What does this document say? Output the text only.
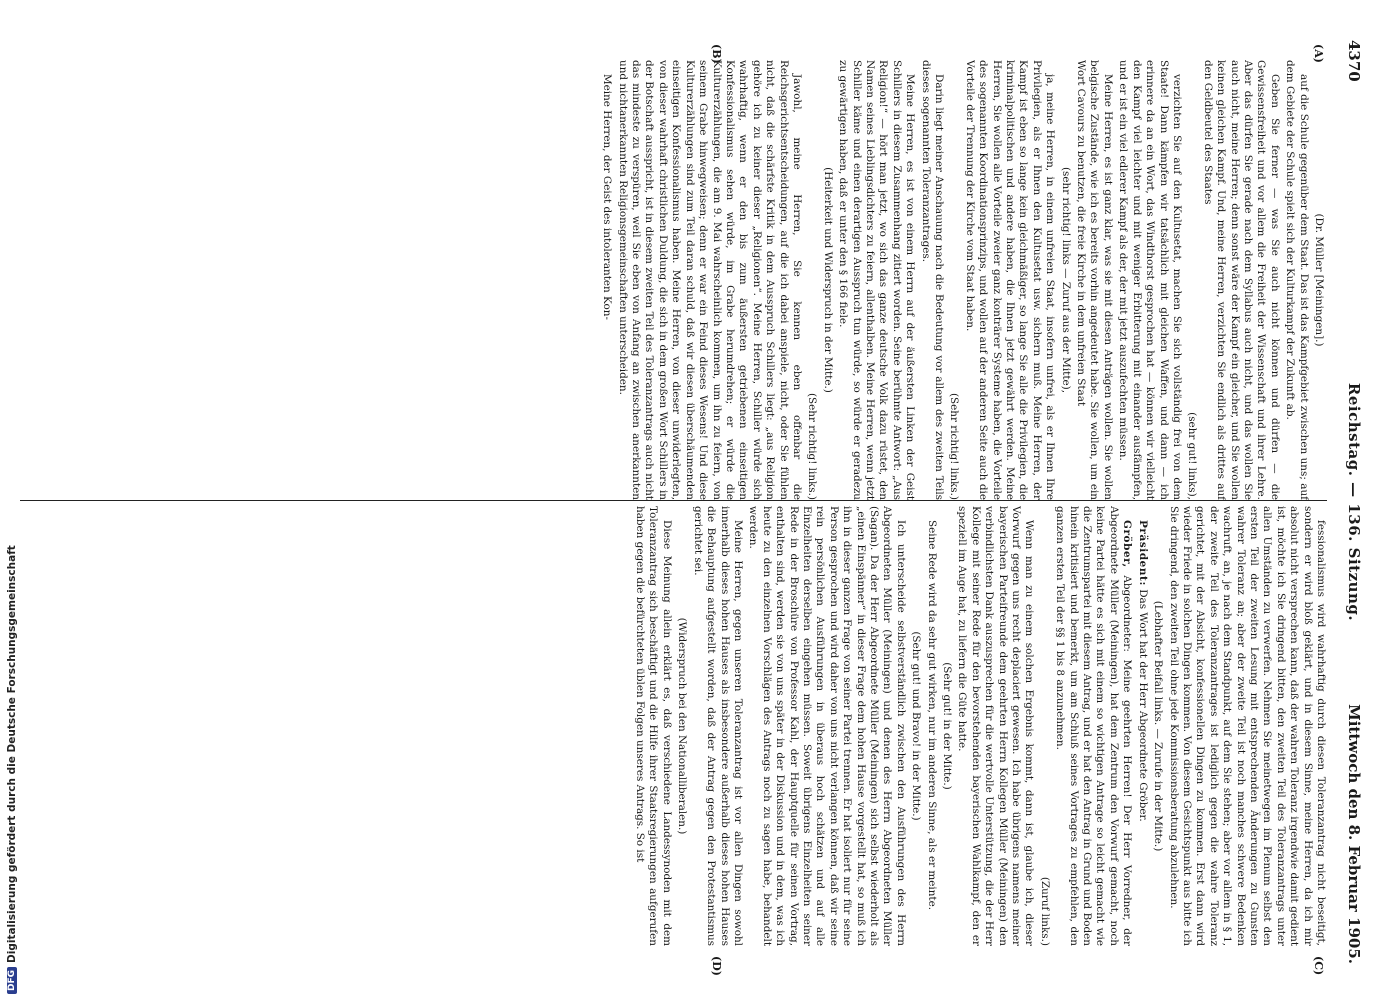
4370
Reichstag. — 136. Sitzung.
Mittwoch den 8. Februar 1905.
(A)
(B)
(C)
(D)

(Dr. Müller [Meiningen].)

auf die Schule gegenüber dem Staat. Das ist das Kampfgebiet zwischen uns; auf dem Gebiete der Schule spielt sich der Kulturkampf der Zukunft ab.

Geben Sie ferner — was Sie auch nicht können und dürfen — die Gewissensfreiheit und vor allem die Freiheit der Wissenschaft und ihrer Lehre. Aber das dürfen Sie gerade nach dem Syllabus auch nicht, und das wollen Sie auch nicht, meine Herren; denn sonst wäre der Kampf ein gleicher, und Sie wollen keinen gleichen Kampf. Und, meine Herren, verzichten Sie endlich als drittes auf den Geldbeutel des Staates

(sehr gut! links),

verzichten Sie auf den Kultusetat, machen Sie sich vollständig frei von dem Staate! Dann kämpfen wir tatsächlich mit gleichen Waffen, und dann — ich erinnere da an ein Wort, das Windthorst gesprochen hat — können wir vielleicht den Kampf viel leichter und mit weniger Erbitterung mit einander ausfämpfen, und er ist ein viel edlerer Kampf als der, der mit jetzt auszufechten müssen.

Meine Herren, es ist ganz klar, was sie mit diesen Anträgen wollen. Sie wollen belgische Zustände, wie ich es bereits vorhin angedeutet habe. Sie wollen, um ein Wort Cavours zu benutzen, die freie Kirche in dem unfreien Staat

(sehr richtig! links — Zuruf aus der Mitte),

ja, meine Herren, in einem unfreien Staat, insofern unfrei, als er Ihnen Ihre Privilegien, als er Ihnen den Kultusetat usw. sichern muß. Meine Herren, der Kampf ist eben so lange kein gleichmäßiger, so lange Sie alle die Privilegien, die kriminalpolitischen und andere haben, die Ihnen jetzt gewährt werden. Meine Herren, Sie wollen alle Vorteile zweier ganz konträrer Systeme haben, die Vorteile des sogenannten Koordinationsprinzips, und wollen auf der anderen Seite auch die Vorteile der Trennung der Kirche vom Staat haben.

(Sehr richtig! links.)

Darin liegt meiner Anschauung nach die Bedeutung vor allem des zweiten Teils dieses sogenannten Toleranzantrages.

Meine Herren, es ist von einem Herrn auf der äußersten Linken der Geist Schillers in diesem Zusammenhang zitiert worden. Seine berühmte Antwort: „Aus Religion!“ — hört man jetzt, wo sich das ganze deutsche Volk dazu rüstet, den Namen seines Lieblingsdichters zu feiern, allenthalben. Meine Herren, wenn jetzt Schiller käme und einen derartigen Ausspruch tun würde, so würde er geradezu zu gewärtigen haben, daß er unter den § 166 fiele.

(Heiterkeit und Widerspruch in der Mitte.)

(Sehr richtig! links.)

Jawohl, meine Herren, Sie kennen eben offenbar die Reichsgerichtsentscheidungen, auf die ich dabei anspiele, nicht, oder Sie fühlen nicht, daß die schärfste Kritik in dem Ausspruch Schillers liegt: „aus Religion gehöre ich zu keiner dieser „Religionen“. Meine Herren, Schiller würde sich wahrhaftig, wenn er den bis zum äußersten getriebenen einseitigen Konfessionalismus sehen würde, im Grabe herumdrehen; er würde die Kulturerzählungen, die am 9. Mai wahrscheinlich kommen, um ihn zu feiern, von seinem Grabe hinwegweisen; denn er war ein Feind dieses Wesens! Und diese Kulturerzählungen sind zum Teil daran schuld, daß wir diesen überschäumenden einseitigen Konfessionalismus haben. Meine Herren, von dieser unwiderlegten, von dieser wahrhaft christlichen Duldung, die sich in dem großen Wort Schillers in der Botschaft ausspricht, ist in diesem zweiten Teil des Toleranzantrags auch nicht das mindeste zu verspüren, weil Sie eben von Anfang an zwischen anerkannten und nichtanerkannten Religionsgemeinschaften unterscheiden.

Meine Herren, der Geist des intoleranten Kon-

fessionalismus wird wahrhaftig durch diesen Toleranzantrag nicht beseitigt, sondern er wird bloß geklärt, und in diesem Sinne, meine Herren, da ich mir absolut nicht versprechen kann, daß der wahren Toleranz irgendwie damit gedient ist, möchte ich Sie dringend bitten, den zweiten Teil des Toleranzantrags unter allen Umständen zu verwerfen. Nehmen Sie meinetwegen im Plenum selbst den ersten Teil der zweiten Lesung mit entsprechenden Änderungen zu Gunsten wahrer Toleranz an; aber der zweite Teil ist noch manches schwere Bedenken wachruft, an, je nach dem Standpunkt, auf dem Sie stehen; aber vor allem in § 1, der zweite Teil des Toleranzantrages ist lediglich gegen die wahre Toleranz gerichtet, mit der Absicht, konfessionellen Dingen zu kommen. Erst dann wird wieder Friede in solchen Dingen kommen. Von diesem Gesichtspunkt aus bitte ich Sie dringend, den zweiten Teil ohne jede Kommissionsberatung abzulehnen.

(Lebhafter Beifall links. — Zurufe in der Mitte.)

Präsident: Das Wort hat der Herr Abgeordnete Gröber.

Gröber, Abgeordneter: Meine geehrten Herren! Der Herr Vorredner, der Abgeordnete Müller (Meiningen), hat dem Zentrum den Vorwurf gemacht, noch keine Partei hätte es sich mit einem so wichtigen Antrage so leicht gemacht wie die Zentrumspartei mit diesem Antrag, und er hat den Antrag in Grund und Boden hinein kritisiert und bemerkt, um am Schluß seines Vortrages zu empfehlen, den ganzen ersten Teil der §§ 1 bis 8 anzunehmen.

(Zuruf links.)

Wenn man zu einem solchen Ergebnis kommt, dann ist, glaube ich, dieser Vorwurf gegen uns recht deplaciert gewesen. Ich habe übrigens namens meiner bayerischen Parteifreunde dem geehrten Herrn Kollegen Müller (Meiningen) den verbindlichsten Dank auszusprechen für die wertvolle Unterstützung, die der Herr Kollege mit seiner Rede für den bevorstehenden bayerischen Wahlkampf, den er speziell im Auge hat, zu liefern die Güte hatte.

(Sehr gut! in der Mitte.)

Seine Rede wird da sehr gut wirken, nur im anderen Sinne, als er meinte.

(Sehr gut! und Bravo! in der Mitte.)

Ich unterscheide selbstverständlich zwischen den Ausführungen des Herrn Abgeordneten Müller (Meiningen) und denen des Herrn Abgeordneten Müller (Sagan). Da der Herr Abgeordnete Müller (Meiningen) sich selbst wiederholt als „einen Einspänner“ in dieser Frage dem hohen Hause vorgestellt hat, so muß ich ihn in dieser ganzen Frage von seiner Partei trennen. Er hat isoliert nur für seine Person gesprochen und wird daher von uns nicht verlangen können, daß wir seine rein persönlichen Ausführungen in überaus hoch schätzen und auf alle Einzelheiten derselben eingehen müssen. Soweit übrigens Einzelheiten seiner Rede in der Broschüre von Professor Kahl, der Hauptquelle für seinen Vortrag, enthalten sind, werden sie von uns später in der Diskussion und in dem, was ich heute zu den einzelnen Vorschlägen des Antrags noch zu sagen habe, behandelt werden.

Meine Herren, gegen unseren Toleranzantrag ist vor allen Dingen sowohl innerhalb dieses hohen Hauses als insbesondere außerhalb dieses hohen Hauses die Behauptung aufgestellt worden, daß der Antrag gegen den Protestantismus gerichtet sei.

(Widerspruch bei den Nationalliberalen.)

Diese Meinung allein erklärt es, daß verschiedene Landessynoden mit dem Toleranzantrag sich beschäftigt und die Hilfe ihrer Staatsregierungen aufgerufen haben gegen die befürchteten üblen Folgen unseres Antrags. So ist

DFGDigitalisierung gefördert durch die Deutsche Forschungsgemeinschaft
